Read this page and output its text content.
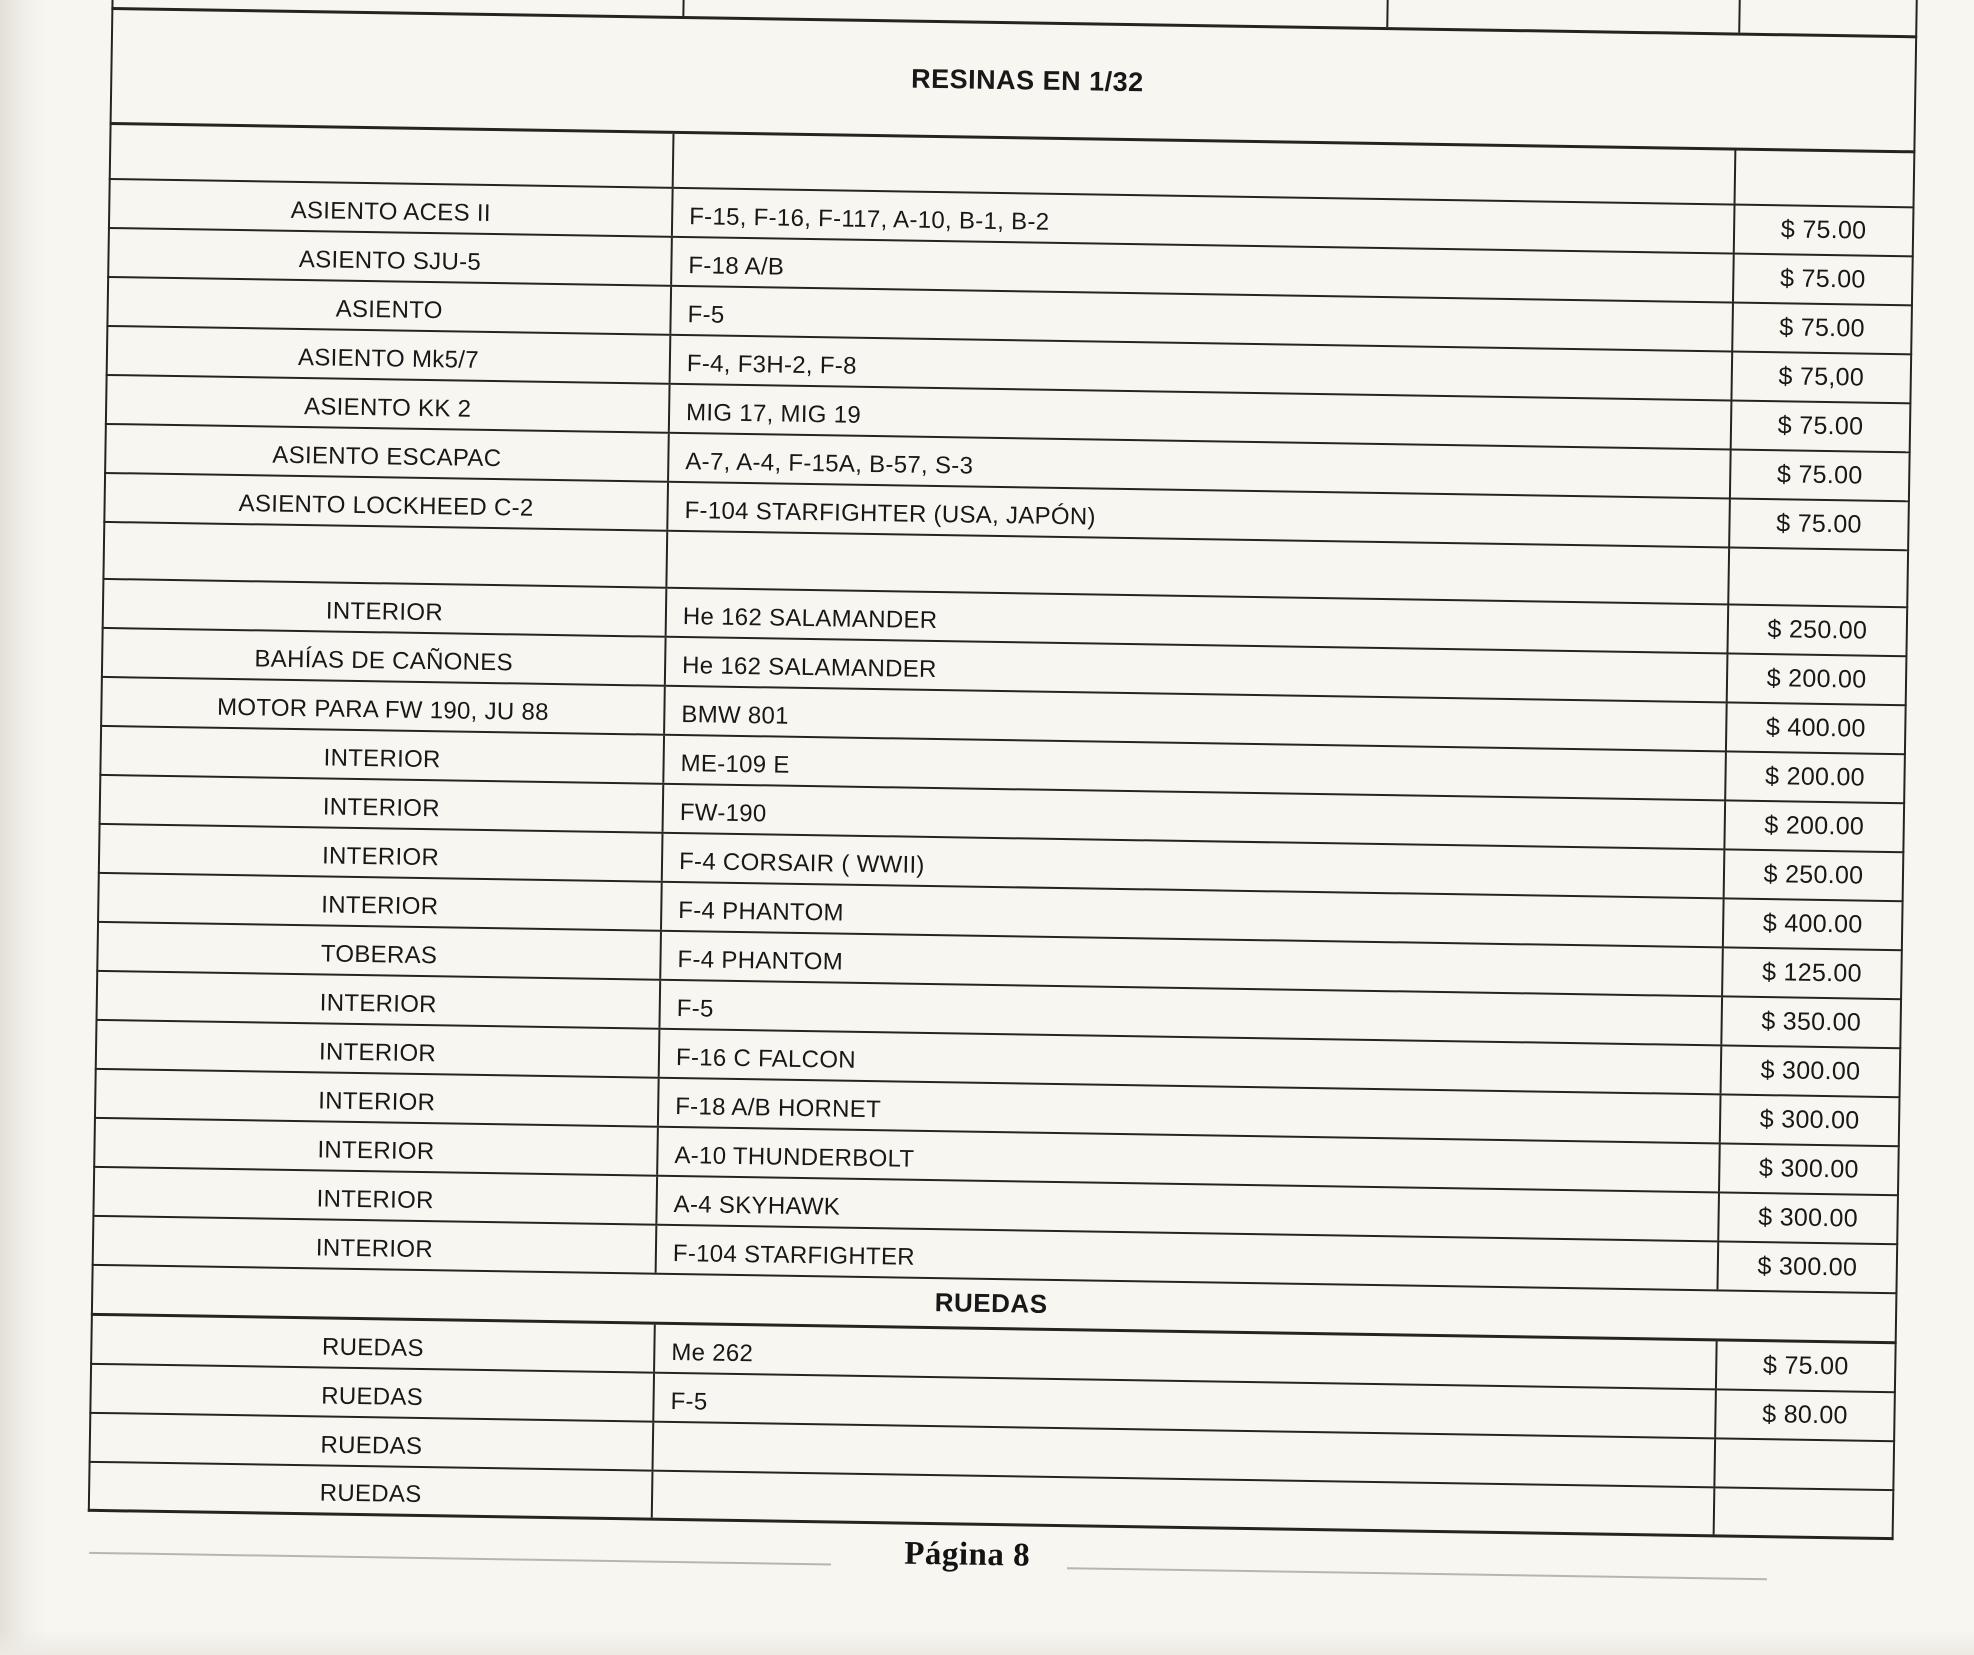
RESINAS EN 1/32
ASIENTO ACES II	F-15, F-16, F-117, A-10, B-1, B-2	$ 75.00
ASIENTO SJU-5	F-18 A/B	$ 75.00
ASIENTO	F-5	$ 75.00
ASIENTO Mk5/7	F-4, F3H-2, F-8	$ 75,00
ASIENTO KK 2	MIG 17, MIG 19	$ 75.00
ASIENTO ESCAPAC	A-7, A-4, F-15A, B-57, S-3	$ 75.00
ASIENTO LOCKHEED C-2	F-104 STARFIGHTER (USA, JAPÓN)	$ 75.00
INTERIOR	He 162 SALAMANDER	$ 250.00
BAHÍAS DE CAÑONES	He 162 SALAMANDER	$ 200.00
MOTOR PARA FW 190, JU 88	BMW 801	$ 400.00
INTERIOR	ME-109 E	$ 200.00
INTERIOR	FW-190	$ 200.00
INTERIOR	F-4 CORSAIR ( WWII)	$ 250.00
INTERIOR	F-4 PHANTOM	$ 400.00
TOBERAS	F-4 PHANTOM	$ 125.00
INTERIOR	F-5	$ 350.00
INTERIOR	F-16 C FALCON	$ 300.00
INTERIOR	F-18 A/B HORNET	$ 300.00
INTERIOR	A-10 THUNDERBOLT	$ 300.00
INTERIOR	A-4 SKYHAWK	$ 300.00
INTERIOR	F-104 STARFIGHTER	$ 300.00
RUEDAS
RUEDAS	Me 262	$ 75.00
RUEDAS	F-5	$ 80.00
RUEDAS
RUEDAS
Página 8
